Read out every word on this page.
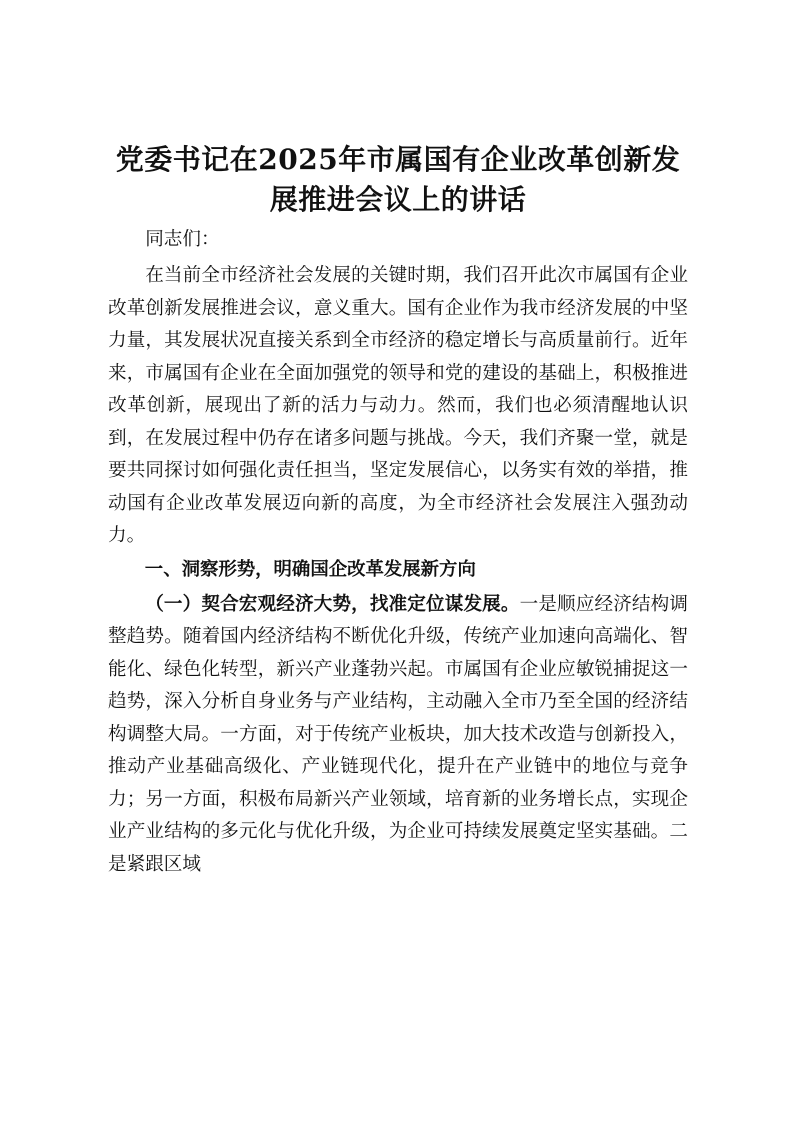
党委书记在2025年市属国有企业改革创新发
展推进会议上的讲话

同志们：

在当前全市经济社会发展的关键时期，我们召开此次市属国有企业改革创新发展推进会议，意义重大。国有企业作为我市经济发展的中坚力量，其发展状况直接关系到全市经济的稳定增长与高质量前行。近年来，市属国有企业在全面加强党的领导和党的建设的基础上，积极推进改革创新，展现出了新的活力与动力。然而，我们也必须清醒地认识到，在发展过程中仍存在诸多问题与挑战。今天，我们齐聚一堂，就是要共同探讨如何强化责任担当，坚定发展信心，以务实有效的举措，推动国有企业改革发展迈向新的高度，为全市经济社会发展注入强劲动力。

一、洞察形势，明确国企改革发展新方向

（一）契合宏观经济大势，找准定位谋发展。一是顺应经济结构调整趋势。随着国内经济结构不断优化升级，传统产业加速向高端化、智能化、绿色化转型，新兴产业蓬勃兴起。市属国有企业应敏锐捕捉这一趋势，深入分析自身业务与产业结构，主动融入全市乃至全国的经济结构调整大局。一方面，对于传统产业板块，加大技术改造与创新投入，推动产业基础高级化、产业链现代化，提升在产业链中的地位与竞争力；另一方面，积极布局新兴产业领域，培育新的业务增长点，实现企业产业结构的多元化与优化升级，为企业可持续发展奠定坚实基础。二是紧跟区域
